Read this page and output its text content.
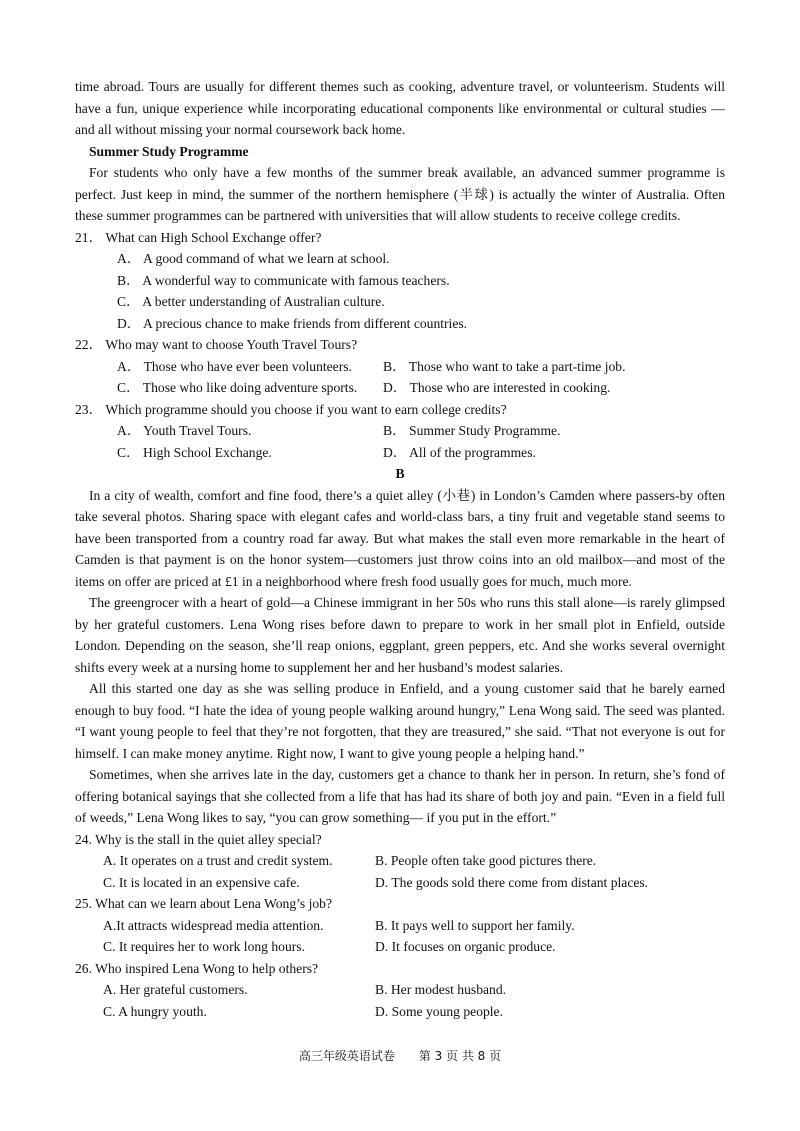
time abroad. Tours are usually for different themes such as cooking, adventure travel, or volunteerism. Students will have a fun, unique experience while incorporating educational components like environmental or cultural studies — and all without missing your normal coursework back home.

Summer Study Programme

For students who only have a few months of the summer break available, an advanced summer programme is perfect. Just keep in mind, the summer of the northern hemisphere (半球) is actually the winter of Australia. Often these summer programmes can be partnered with universities that will allow students to receive college credits.

21． What can High School Exchange offer?

A． A good command of what we learn at school.

B． A wonderful way to communicate with famous teachers.

C． A better understanding of Australian culture.

D． A precious chance to make friends from different countries.

22． Who may want to choose Youth Travel Tours?

A． Those who have ever been volunteers.	B． Those who want to take a part-time job.
C． Those who like doing adventure sports.	D． Those who are interested in cooking.

23． Which programme should you choose if you want to earn college credits?

A． Youth Travel Tours.	B． Summer Study Programme.
C． High School Exchange.	D． All of the programmes.

B

In a city of wealth, comfort and fine food, there’s a quiet alley (小巷) in London’s Camden where passers-by often take several photos. Sharing space with elegant cafes and world-class bars, a tiny fruit and vegetable stand seems to have been transported from a country road far away. But what makes the stall even more remarkable in the heart of Camden is that payment is on the honor system—customers just throw coins into an old mailbox—and most of the items on offer are priced at £1 in a neighborhood where fresh food usually goes for much, much more.

The greengrocer with a heart of gold—a Chinese immigrant in her 50s who runs this stall alone—is rarely glimpsed by her grateful customers. Lena Wong rises before dawn to prepare to work in her small plot in Enfield, outside London. Depending on the season, she’ll reap onions, eggplant, green peppers, etc. And she works several overnight shifts every week at a nursing home to supplement her and her husband’s modest salaries.

All this started one day as she was selling produce in Enfield, and a young customer said that he barely earned enough to buy food. “I hate the idea of young people walking around hungry,” Lena Wong said. The seed was planted. “I want young people to feel that they’re not forgotten, that they are treasured,” she said. “That not everyone is out for himself. I can make money anytime. Right now, I want to give young people a helping hand.”

Sometimes, when she arrives late in the day, customers get a chance to thank her in person. In return, she’s fond of offering botanical sayings that she collected from a life that has had its share of both joy and pain. “Even in a field full of weeds,” Lena Wong likes to say, “you can grow something— if you put in the effort.”

24. Why is the stall in the quiet alley special?

A. It operates on a trust and credit system.	B. People often take good pictures there.
C. It is located in an expensive cafe.	D. The goods sold there come from distant places.

25. What can we learn about Lena Wong’s job?

A.It attracts widespread media attention.	B. It pays well to support her family.
C. It requires her to work long hours.	D. It focuses on organic produce.

26. Who inspired Lena Wong to help others?

A. Her grateful customers.	B. Her modest husband.
C. A hungry youth.	D. Some young people.
高三年级英语试卷 第 3 页 共 8 页
